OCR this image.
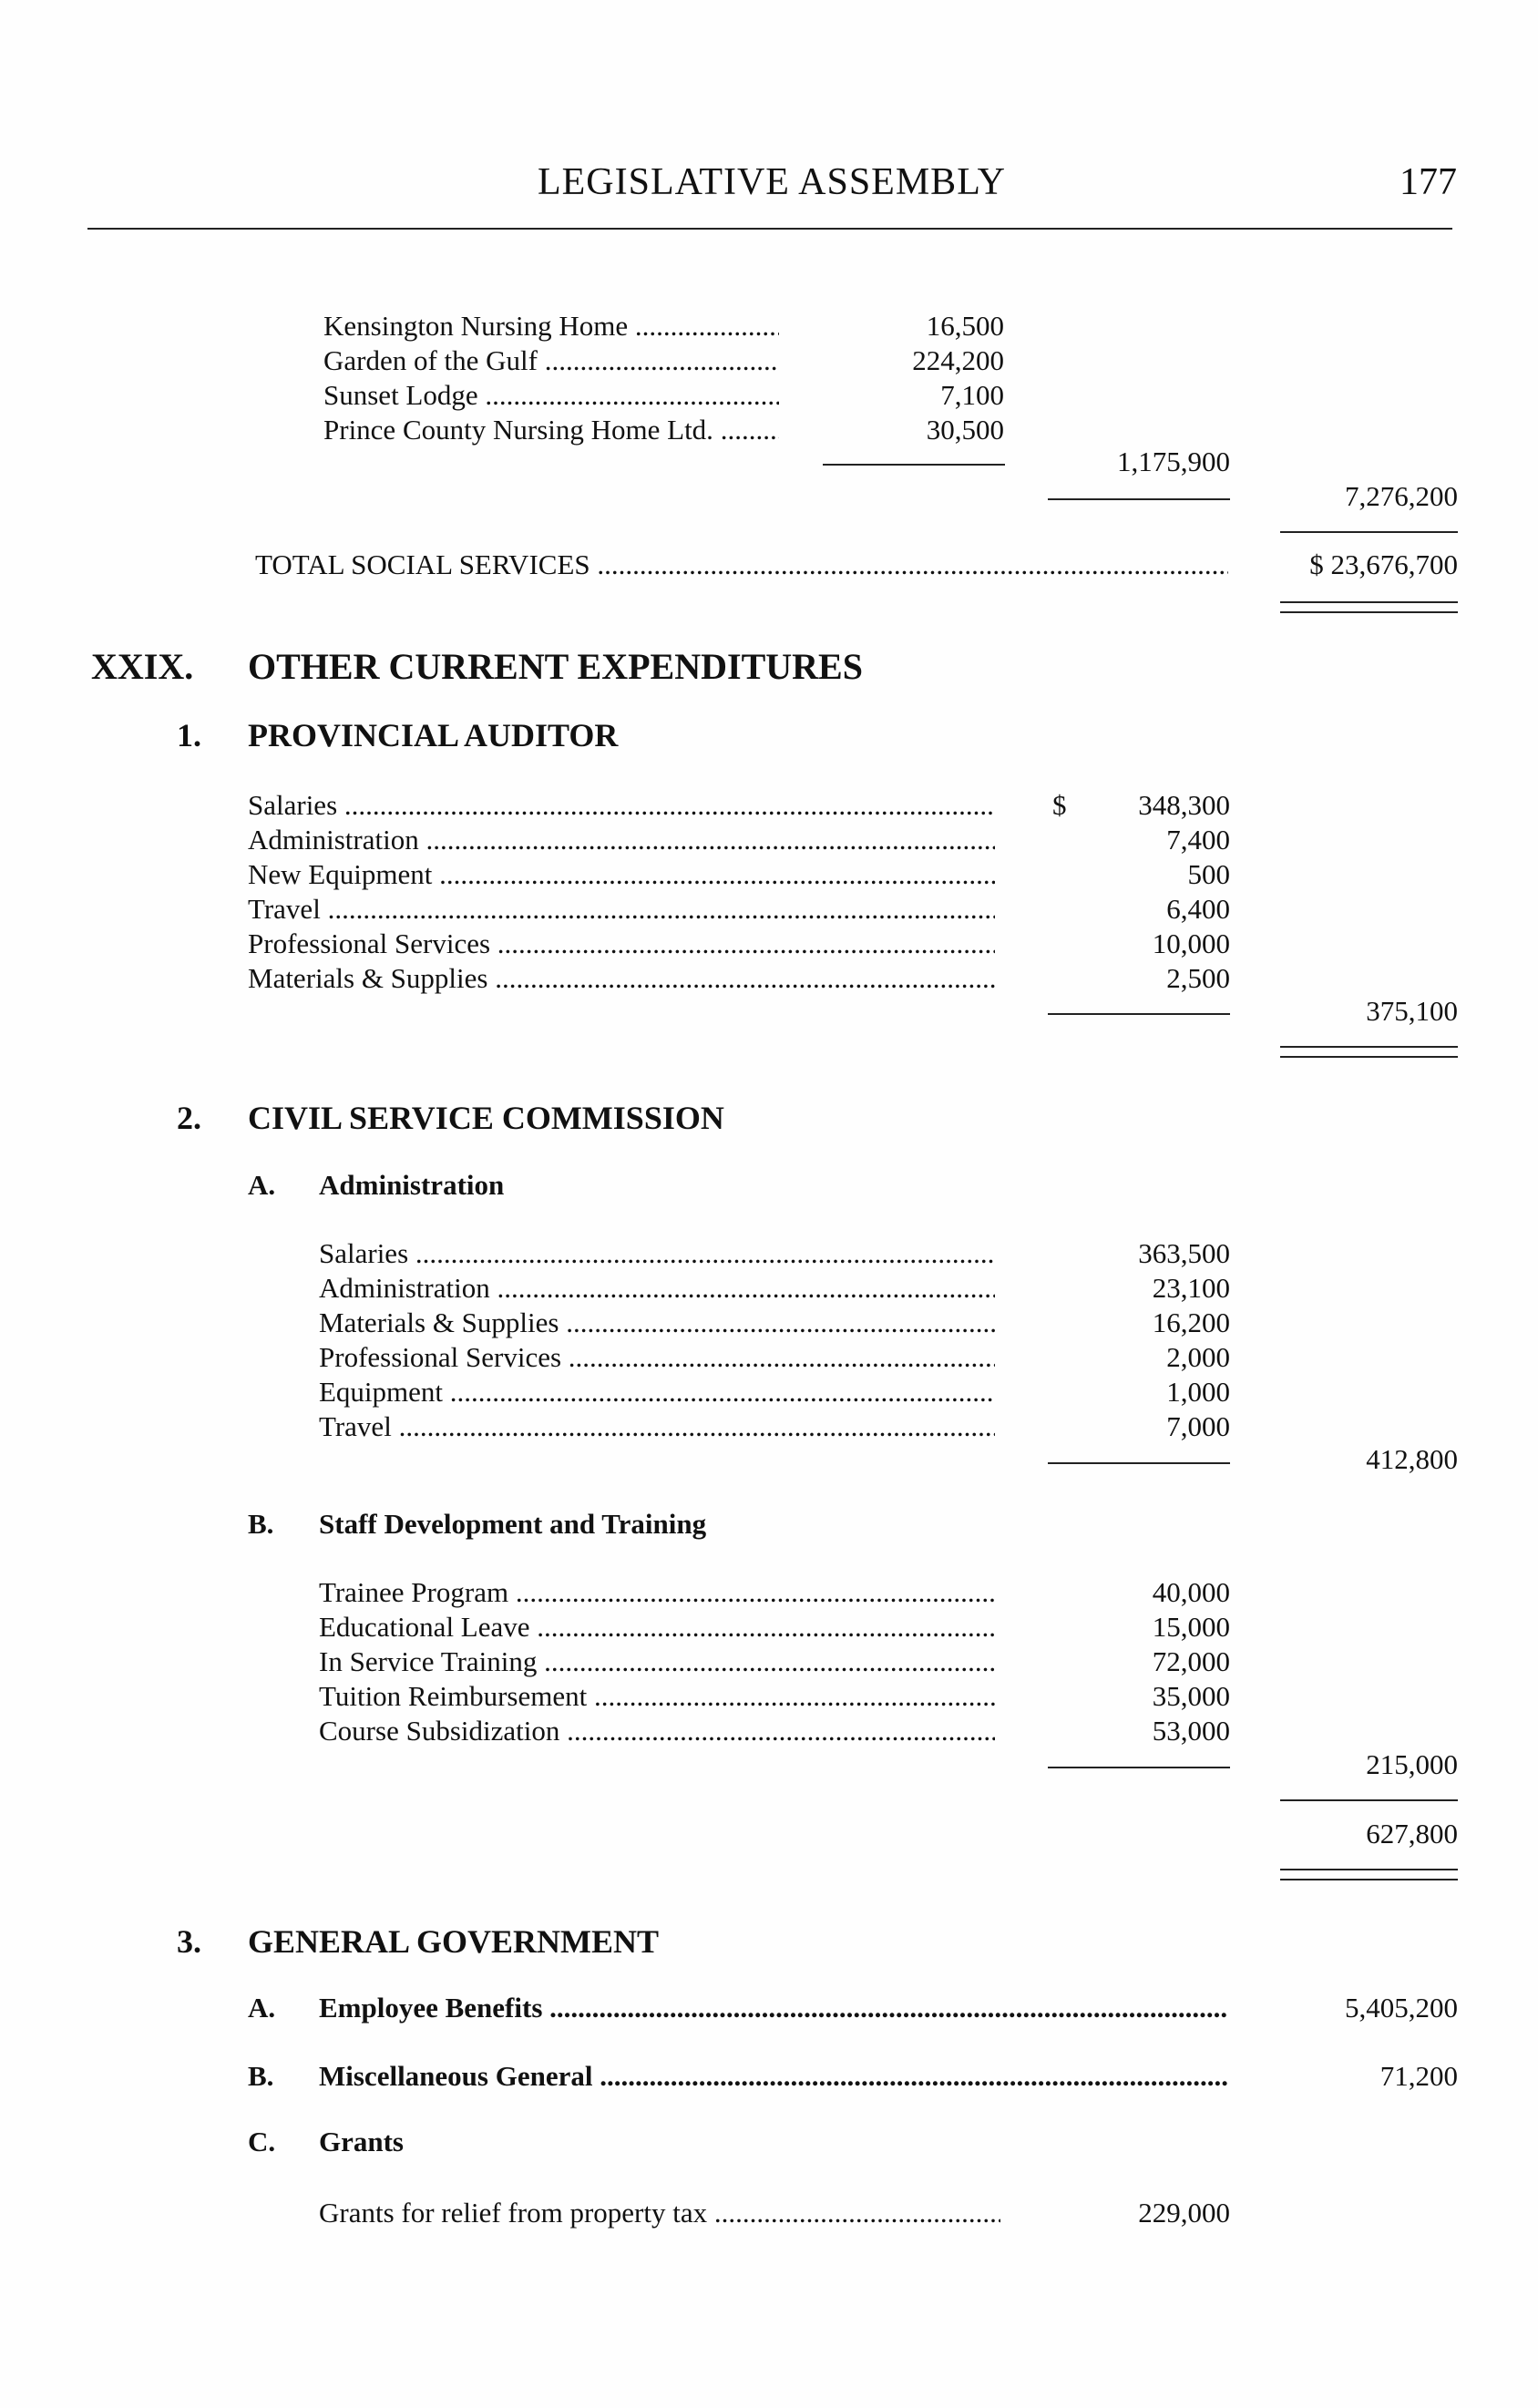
LEGISLATIVE ASSEMBLY	177
Kensington Nursing Home .....	16,500
Garden of the Gulf .....	224,200
Sunset Lodge .....	7,100
Prince County Nursing Home Ltd. .....	30,500
1,175,900
7,276,200
TOTAL SOCIAL SERVICES .....	$ 23,676,700
XXIX. OTHER CURRENT EXPENDITURES
1. PROVINCIAL AUDITOR
Salaries .....	$	348,300
Administration .....	7,400
New Equipment .....	500
Travel .....	6,400
Professional Services .....	10,000
Materials & Supplies .....	2,500
375,100
2. CIVIL SERVICE COMMISSION
A. Administration
Salaries .....	363,500
Administration .....	23,100
Materials & Supplies .....	16,200
Professional Services .....	2,000
Equipment .....	1,000
Travel .....	7,000
412,800
B. Staff Development and Training
Trainee Program .....	40,000
Educational Leave .....	15,000
In Service Training .....	72,000
Tuition Reimbursement .....	35,000
Course Subsidization .....	53,000
215,000
627,800
3. GENERAL GOVERNMENT
A. Employee Benefits .....	5,405,200
B. Miscellaneous General .....	71,200
C. Grants
Grants for relief from property tax .....	229,000
